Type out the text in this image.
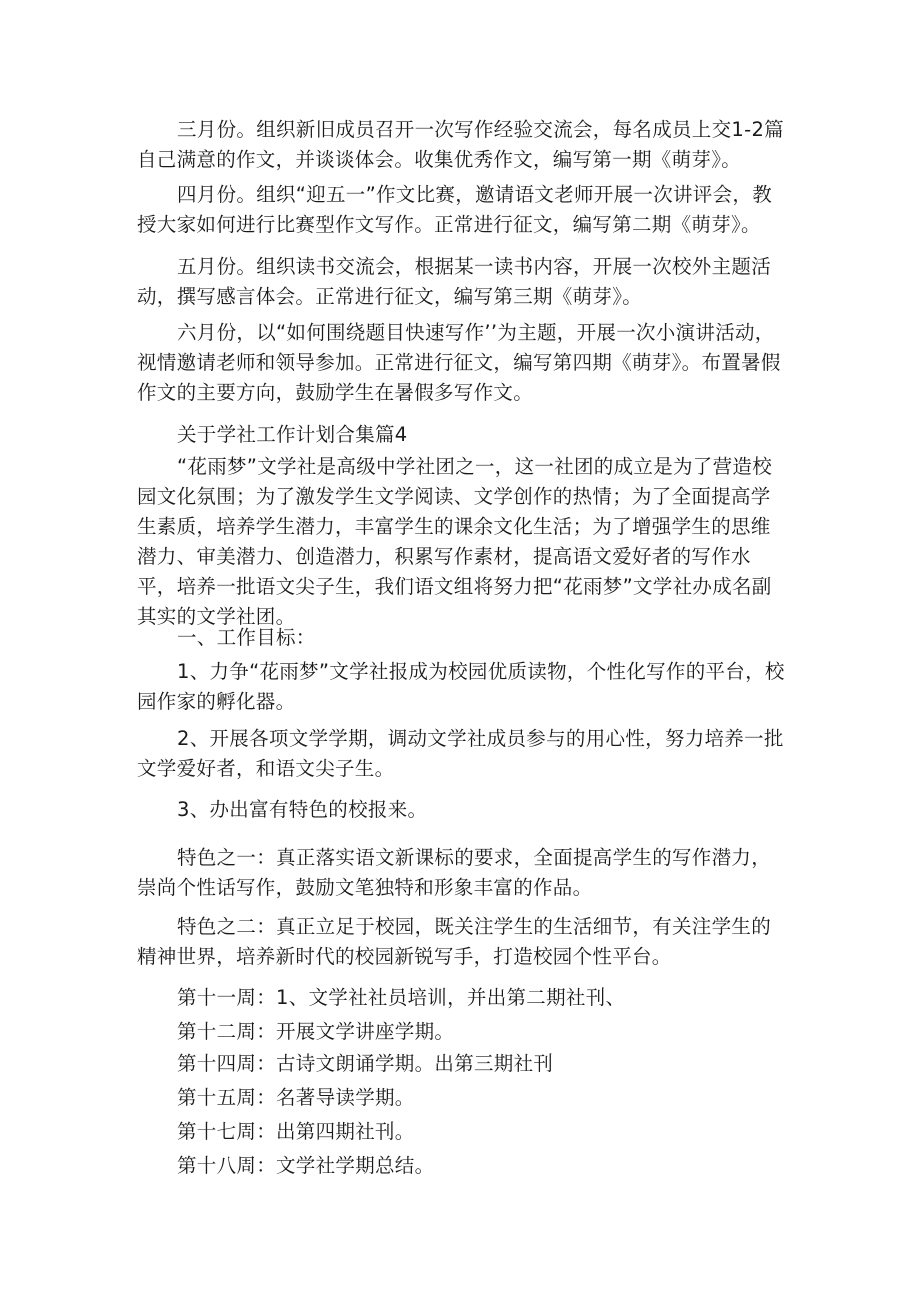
三月份。组织新旧成员召开一次写作经验交流会，每名成员上交1-2篇自己满意的作文，并谈谈体会。收集优秀作文，编写第一期《萌芽》。

四月份。组织“迎五一”作文比赛，邀请语文老师开展一次讲评会，教授大家如何进行比赛型作文写作。正常进行征文，编写第二期《萌芽》。

五月份。组织读书交流会，根据某一读书内容，开展一次校外主题活动，撰写感言体会。正常进行征文，编写第三期《萌芽》。

六月份，以“如何围绕题目快速写作’’为主题，开展一次小演讲活动，视情邀请老师和领导参加。正常进行征文，编写第四期《萌芽》。布置暑假作文的主要方向，鼓励学生在暑假多写作文。

关于学社工作计划合集篇4

“花雨梦”文学社是高级中学社团之一，这一社团的成立是为了营造校园文化氛围；为了激发学生文学阅读、文学创作的热情；为了全面提高学生素质，培养学生潜力，丰富学生的课余文化生活；为了增强学生的思维潜力、审美潜力、创造潜力，积累写作素材，提高语文爱好者的写作水平，培养一批语文尖子生，我们语文组将努力把“花雨梦”文学社办成名副其实的文学社团。

一、工作目标：

1、力争“花雨梦”文学社报成为校园优质读物，个性化写作的平台，校园作家的孵化器。

2、开展各项文学学期，调动文学社成员参与的用心性，努力培养一批文学爱好者，和语文尖子生。

3、办出富有特色的校报来。

特色之一：真正落实语文新课标的要求，全面提高学生的写作潜力，崇尚个性话写作，鼓励文笔独特和形象丰富的作品。

特色之二：真正立足于校园，既关注学生的生活细节，有关注学生的精神世界，培养新时代的校园新锐写手，打造校园个性平台。

第十一周：1、文学社社员培训，并出第二期社刊、

第十二周：开展文学讲座学期。

第十四周：古诗文朗诵学期。出第三期社刊

第十五周：名著导读学期。

第十七周：出第四期社刊。

第十八周：文学社学期总结。
